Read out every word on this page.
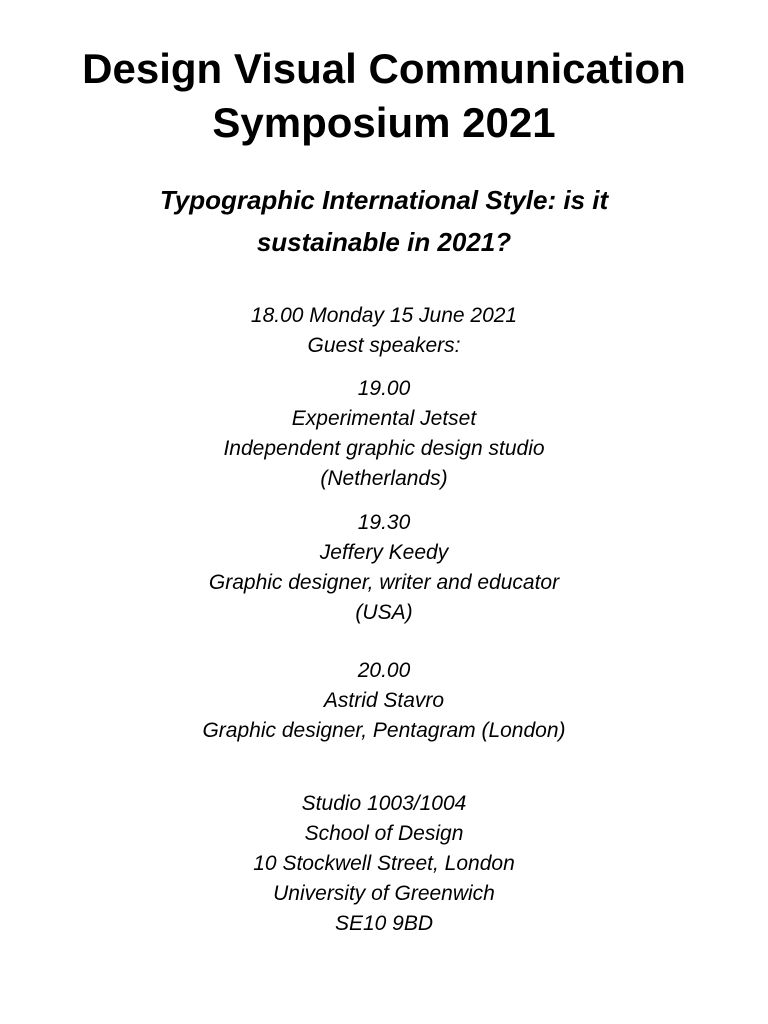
Design Visual Communication
Symposium 2021
Typographic International Style: is it
sustainable in 2021?
18.00 Monday 15 June 2021
Guest speakers:
19.00
Experimental Jetset
Independent graphic design studio
(Netherlands)
19.30
Jeffery Keedy
Graphic designer, writer and educator
(USA)
20.00
Astrid Stavro
Graphic designer, Pentagram (London)
Studio 1003/1004
School of Design
10 Stockwell Street, London
University of Greenwich
SE10 9BD
